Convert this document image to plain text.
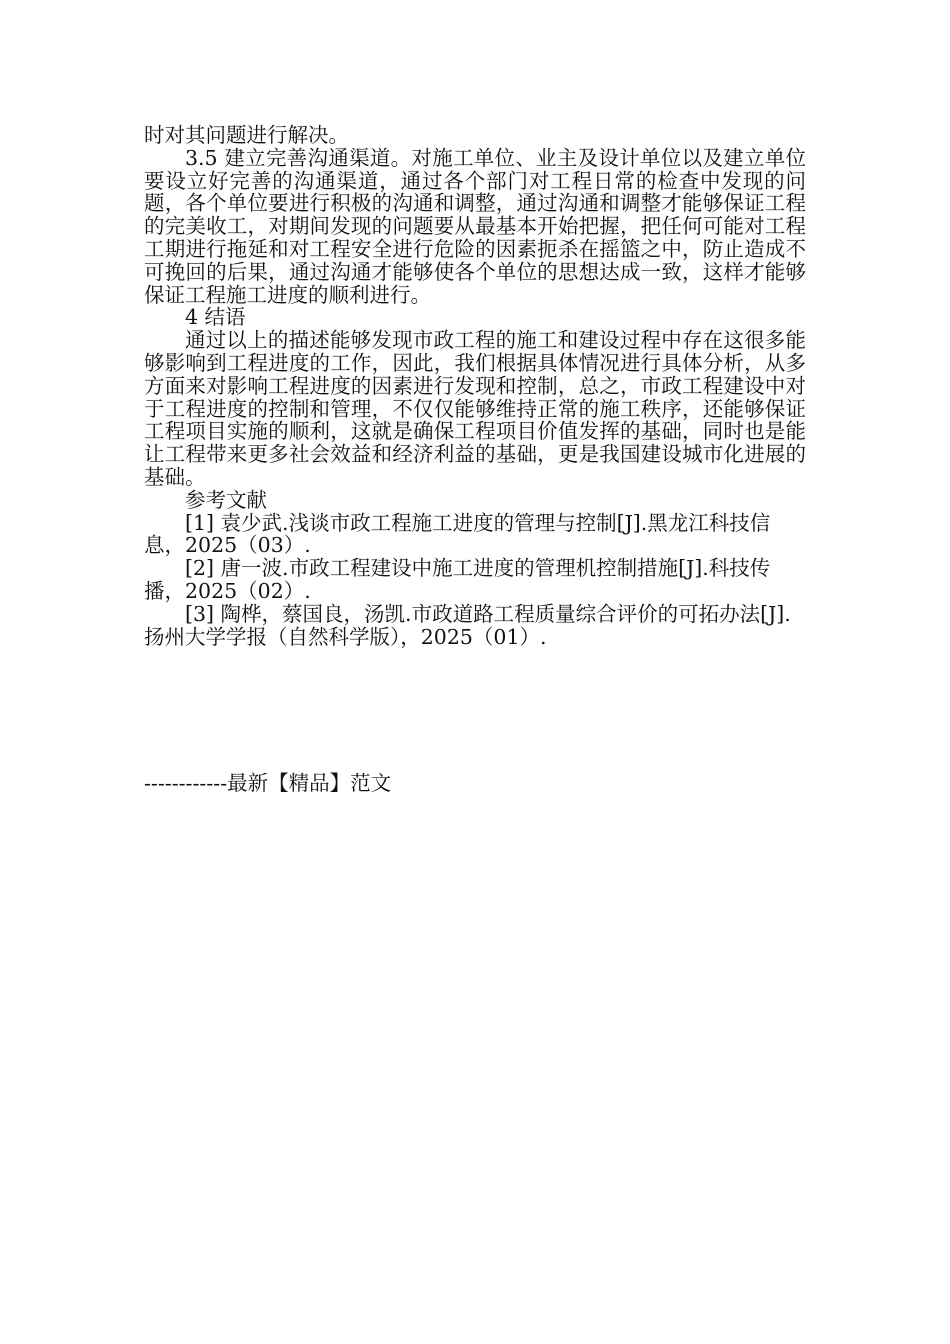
时对其问题进行解决。

3.5 建立完善沟通渠道。对施工单位、业主及设计单位以及建立单位要设立好完善的沟通渠道，通过各个部门对工程日常的检查中发现的问题，各个单位要进行积极的沟通和调整，通过沟通和调整才能够保证工程的完美收工，对期间发现的问题要从最基本开始把握，把任何可能对工程工期进行拖延和对工程安全进行危险的因素扼杀在摇篮之中，防止造成不可挽回的后果，通过沟通才能够使各个单位的思想达成一致，这样才能够保证工程施工进度的顺利进行。

4 结语

通过以上的描述能够发现市政工程的施工和建设过程中存在这很多能够影响到工程进度的工作，因此，我们根据具体情况进行具体分析，从多方面来对影响工程进度的因素进行发现和控制，总之，市政工程建设中对于工程进度的控制和管理，不仅仅能够维持正常的施工秩序，还能够保证工程项目实施的顺利，这就是确保工程项目价值发挥的基础，同时也是能让工程带来更多社会效益和经济利益的基础，更是我国建设城市化进展的基础。

参考文献

[1] 袁少武.浅谈市政工程施工进度的管理与控制[J].黑龙江科技信息，2025（03）.

[2] 唐一波.市政工程建设中施工进度的管理机控制措施[J].科技传播，2025（02）.

[3] 陶桦，蔡国良，汤凯.市政道路工程质量综合评价的可拓办法[J].扬州大学学报（自然科学版），2025（01）.

------------最新【精品】范文
